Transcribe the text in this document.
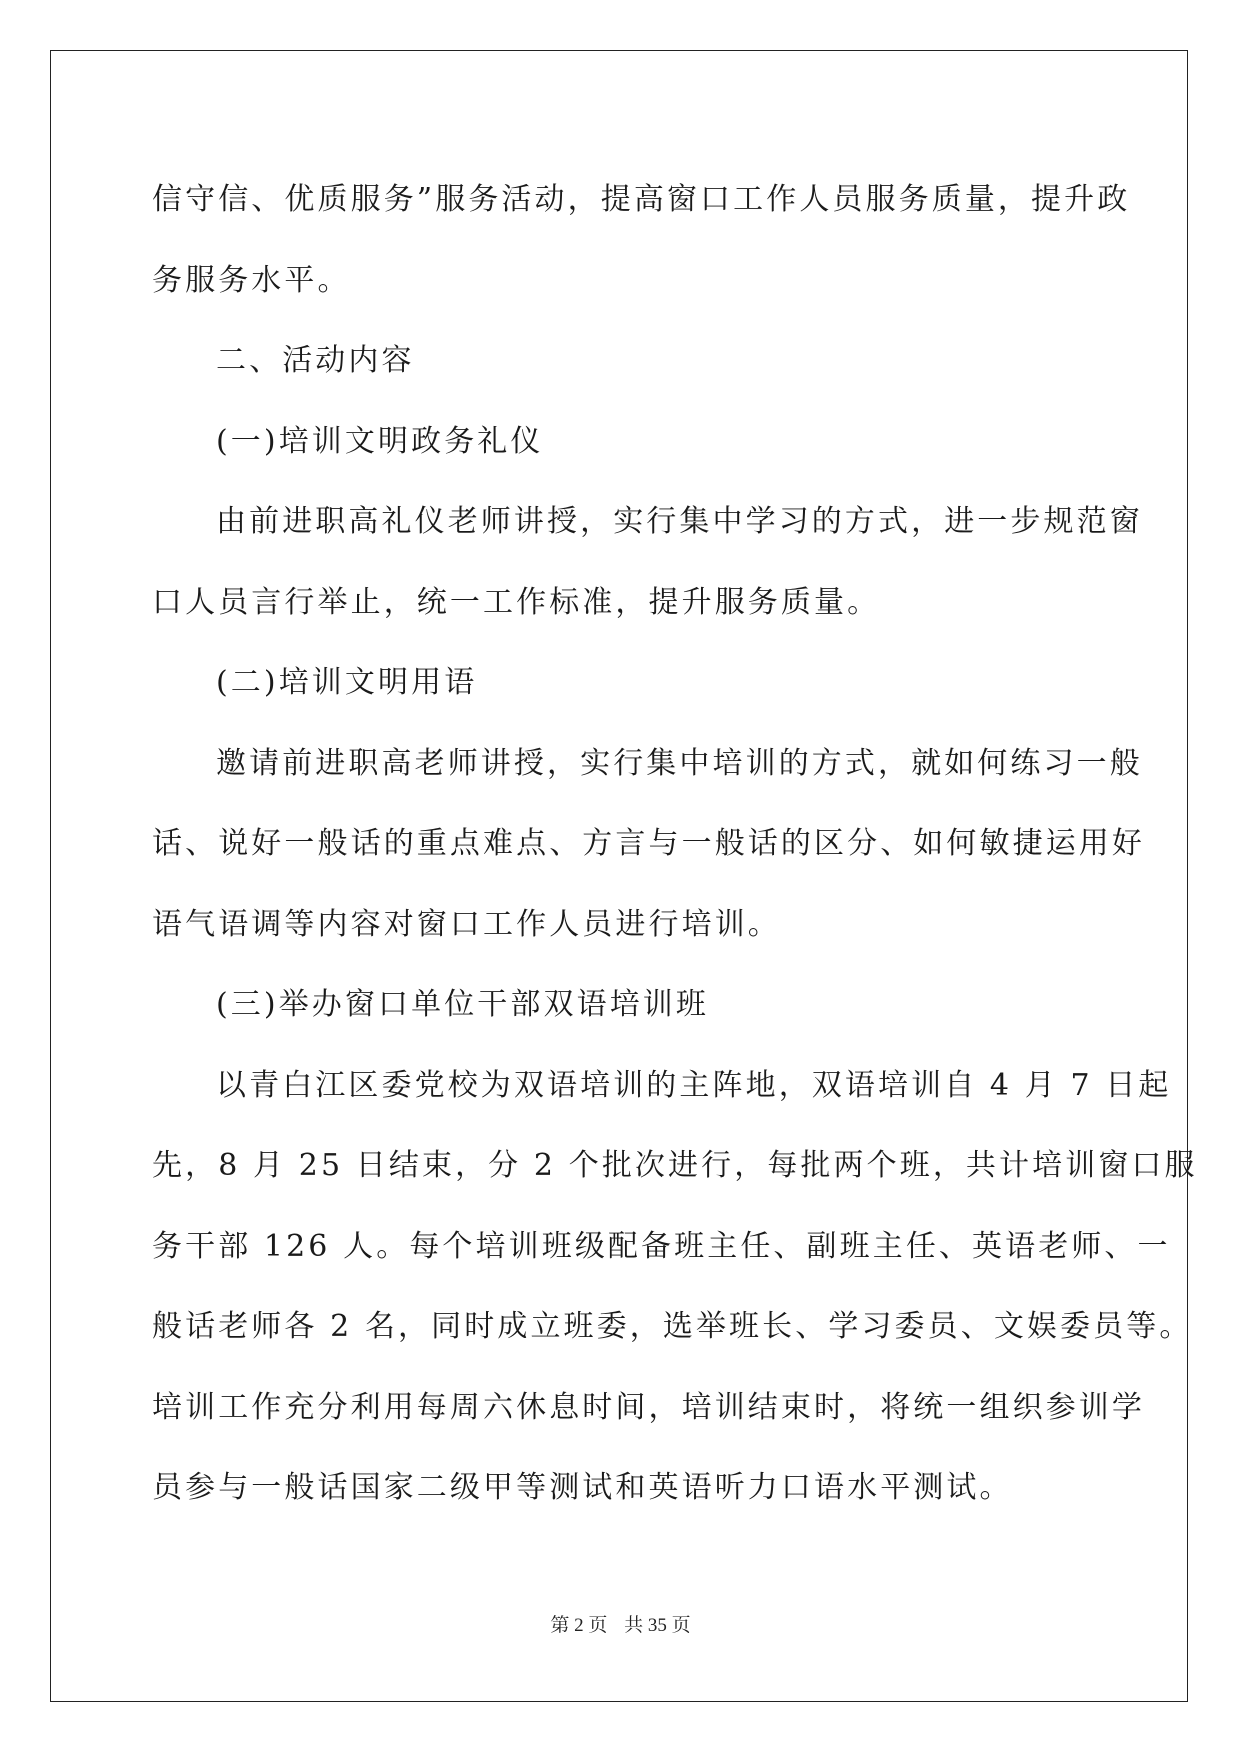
信守信、优质服务”服务活动，提高窗口工作人员服务质量，提升政
务服务水平。
二、活动内容
(一)培训文明政务礼仪
由前进职高礼仪老师讲授，实行集中学习的方式，进一步规范窗
口人员言行举止，统一工作标准，提升服务质量。
(二)培训文明用语
邀请前进职高老师讲授，实行集中培训的方式，就如何练习一般
话、说好一般话的重点难点、方言与一般话的区分、如何敏捷运用好
语气语调等内容对窗口工作人员进行培训。
(三)举办窗口单位干部双语培训班
以青白江区委党校为双语培训的主阵地，双语培训自 4 月 7 日起
先，8 月 25 日结束，分 2 个批次进行，每批两个班，共计培训窗口服
务干部 126 人。每个培训班级配备班主任、副班主任、英语老师、一
般话老师各 2 名，同时成立班委，选举班长、学习委员、文娱委员等。
培训工作充分利用每周六休息时间，培训结束时，将统一组织参训学
员参与一般话国家二级甲等测试和英语听力口语水平测试。
第 2 页 共 35 页
